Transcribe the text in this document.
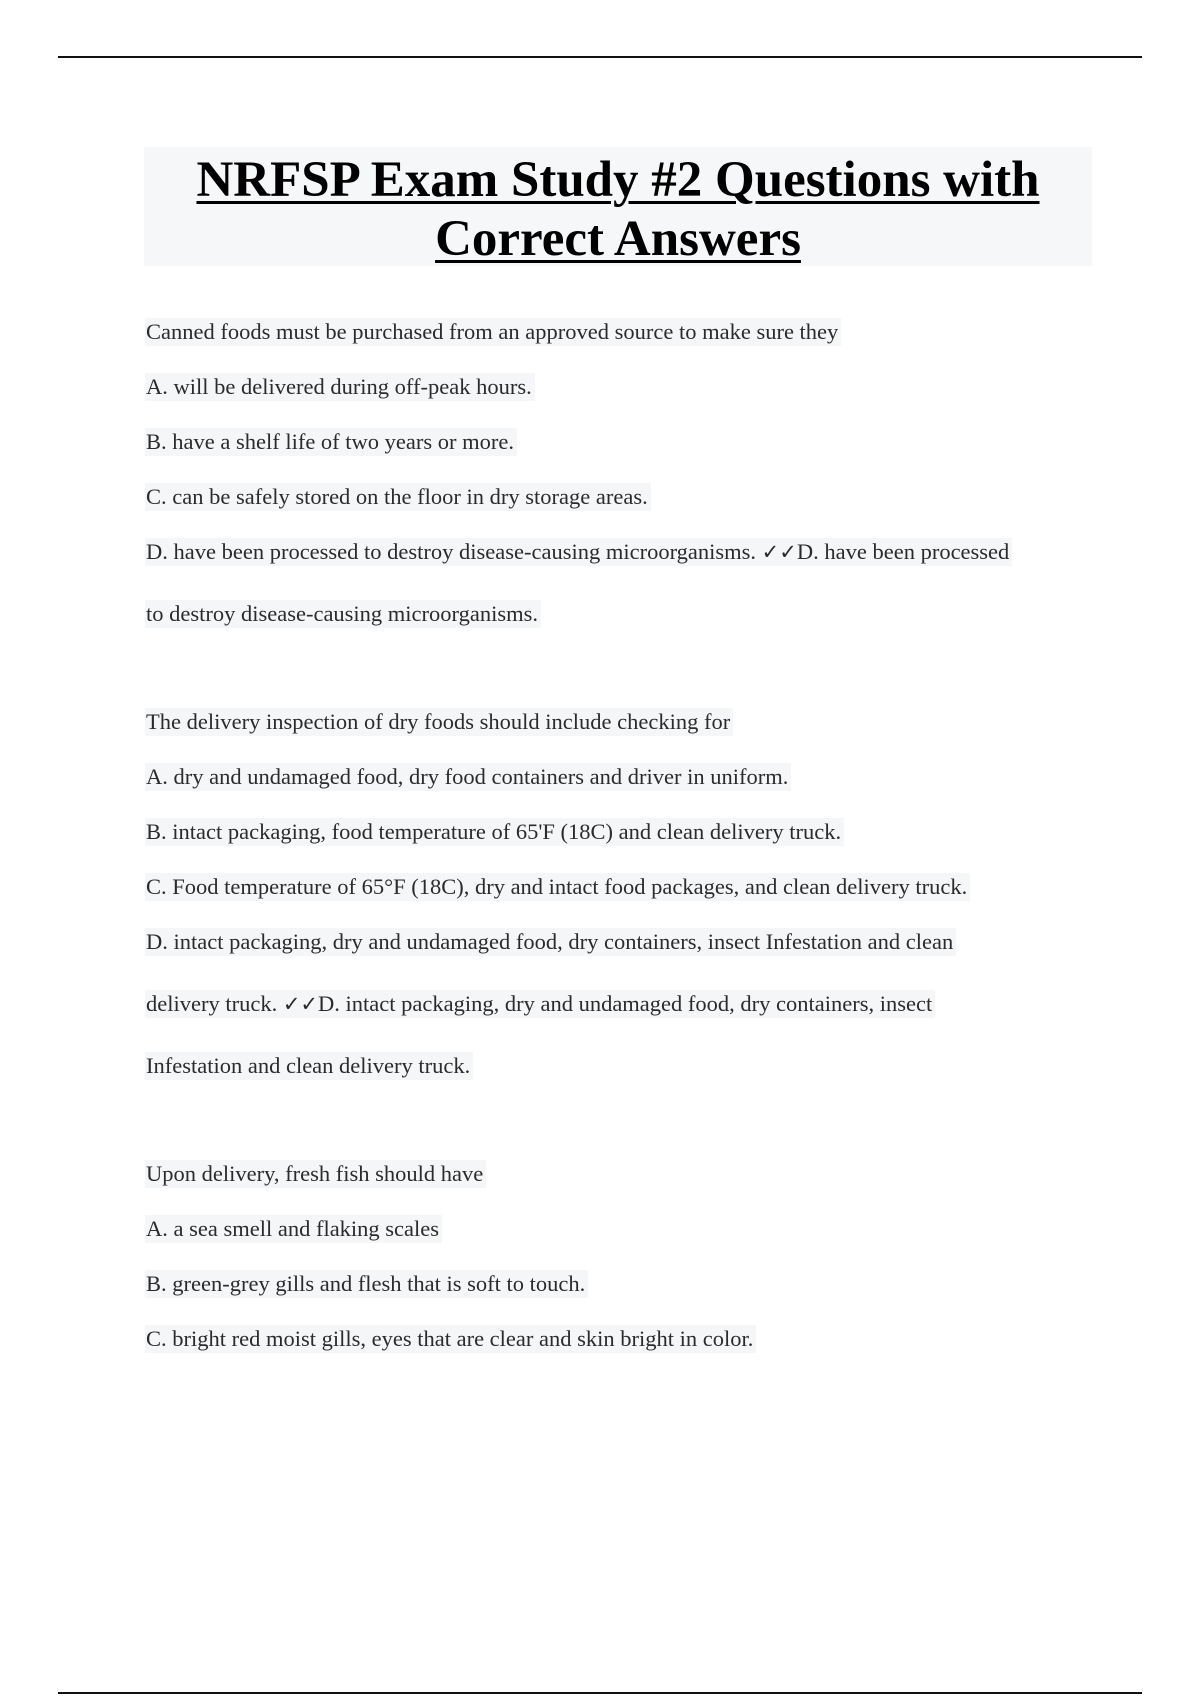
NRFSP Exam Study #2 Questions with
Correct Answers
Canned foods must be purchased from an approved source to make sure they
A. will be delivered during off-peak hours.
B. have a shelf life of two years or more.
C. can be safely stored on the floor in dry storage areas.
D. have been processed to destroy disease-causing microorganisms. ✓✓D. have been processed
to destroy disease-causing microorganisms.
The delivery inspection of dry foods should include checking for
A. dry and undamaged food, dry food containers and driver in uniform.
B. intact packaging, food temperature of 65'F (18C) and clean delivery truck.
C. Food temperature of 65°F (18C), dry and intact food packages, and clean delivery truck.
D. intact packaging, dry and undamaged food, dry containers, insect Infestation and clean
delivery truck. ✓✓D. intact packaging, dry and undamaged food, dry containers, insect
Infestation and clean delivery truck.
Upon delivery, fresh fish should have
A. a sea smell and flaking scales
B. green-grey gills and flesh that is soft to touch.
C. bright red moist gills, eyes that are clear and skin bright in color.
